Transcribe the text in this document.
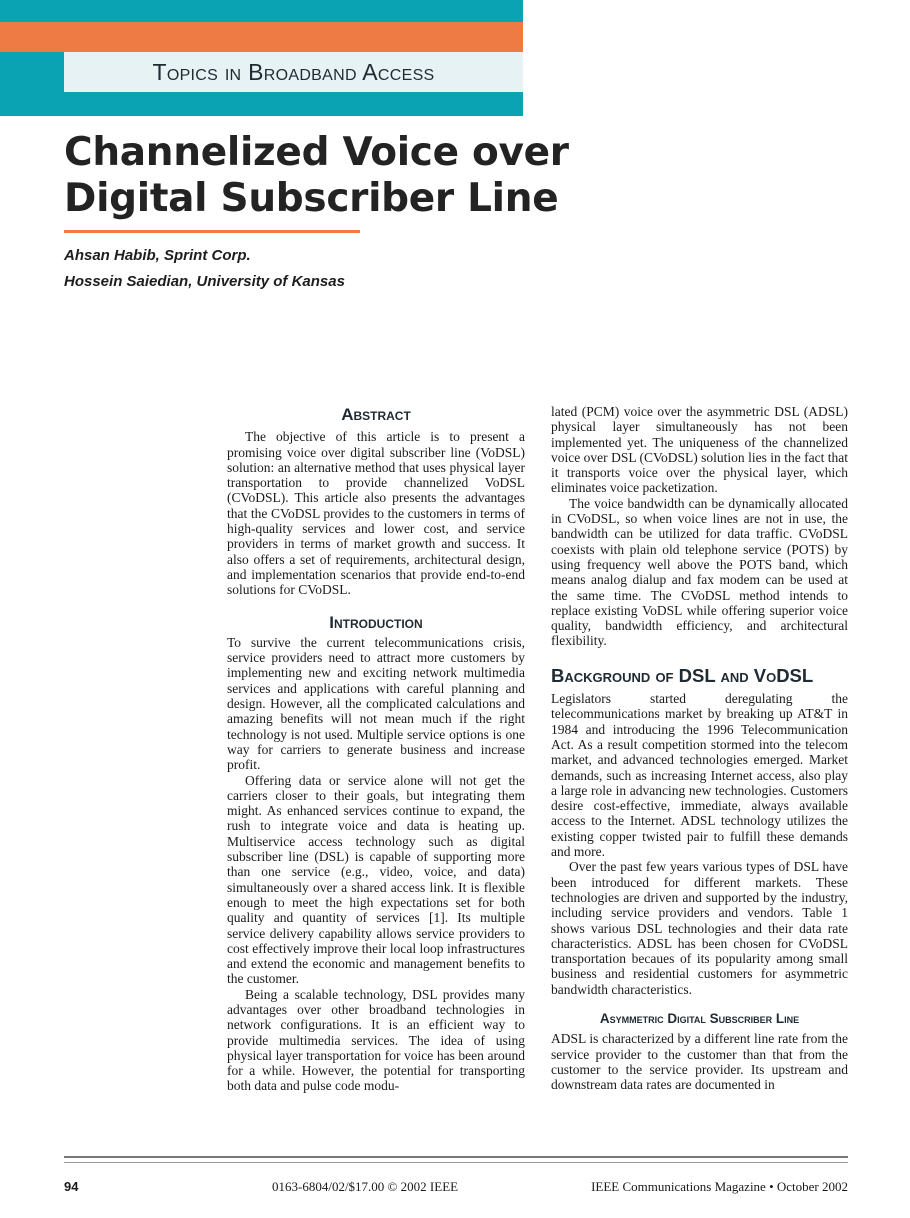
Topics in Broadband Access
Channelized Voice over Digital Subscriber Line
Ahsan Habib, Sprint Corp.
Hossein Saiedian, University of Kansas
Abstract

The objective of this article is to present a promising voice over digital subscriber line (VoDSL) solution: an alternative method that uses physical layer transportation to provide channelized VoDSL (CVoDSL). This article also presents the advantages that the CVoDSL provides to the customers in terms of high-quality services and lower cost, and service providers in terms of market growth and success. It also offers a set of requirements, architectural design, and implementation scenarios that provide end-to-end solutions for CVoDSL.

Introduction

To survive the current telecommunications crisis, service providers need to attract more customers by implementing new and exciting network multimedia services and applications with careful planning and design. However, all the complicated calculations and amazing benefits will not mean much if the right technology is not used. Multiple service options is one way for carriers to generate business and increase profit.

Offering data or service alone will not get the carriers closer to their goals, but integrating them might. As enhanced services continue to expand, the rush to integrate voice and data is heating up. Multiservice access technology such as digital subscriber line (DSL) is capable of supporting more than one service (e.g., video, voice, and data) simultaneously over a shared access link. It is flexible enough to meet the high expectations set for both quality and quantity of services [1]. Its multiple service delivery capability allows service providers to cost effectively improve their local loop infrastructures and extend the economic and management benefits to the customer.

Being a scalable technology, DSL provides many advantages over other broadband technologies in network configurations. It is an efficient way to provide multimedia services. The idea of using physical layer transportation for voice has been around for a while. However, the potential for transporting both data and pulse code modu-

lated (PCM) voice over the asymmetric DSL (ADSL) physical layer simultaneously has not been implemented yet. The uniqueness of the channelized voice over DSL (CVoDSL) solution lies in the fact that it transports voice over the physical layer, which eliminates voice packetization.

The voice bandwidth can be dynamically allocated in CVoDSL, so when voice lines are not in use, the bandwidth can be utilized for data traffic. CVoDSL coexists with plain old telephone service (POTS) by using frequency well above the POTS band, which means analog dialup and fax modem can be used at the same time. The CVoDSL method intends to replace existing VoDSL while offering superior voice quality, bandwidth efficiency, and architectural flexibility.

Background of DSL and VoDSL

Legislators started deregulating the telecommunications market by breaking up AT&T in 1984 and introducing the 1996 Telecommunication Act. As a result competition stormed into the telecom market, and advanced technologies emerged. Market demands, such as increasing Internet access, also play a large role in advancing new technologies. Customers desire cost-effective, immediate, always available access to the Internet. ADSL technology utilizes the existing copper twisted pair to fulfill these demands and more.

Over the past few years various types of DSL have been introduced for different markets. These technologies are driven and supported by the industry, including service providers and vendors. Table 1 shows various DSL technologies and their data rate characteristics. ADSL has been chosen for CVoDSL transportation becaues of its popularity among small business and residential customers for asymmetric bandwidth characteristics.

Asymmetric Digital Subscriber Line

ADSL is characterized by a different line rate from the service provider to the customer than that from the customer to the service provider. Its upstream and downstream data rates are documented in

94	0163-6804/02/$17.00 © 2002 IEEE	IEEE Communications Magazine • October 2002
